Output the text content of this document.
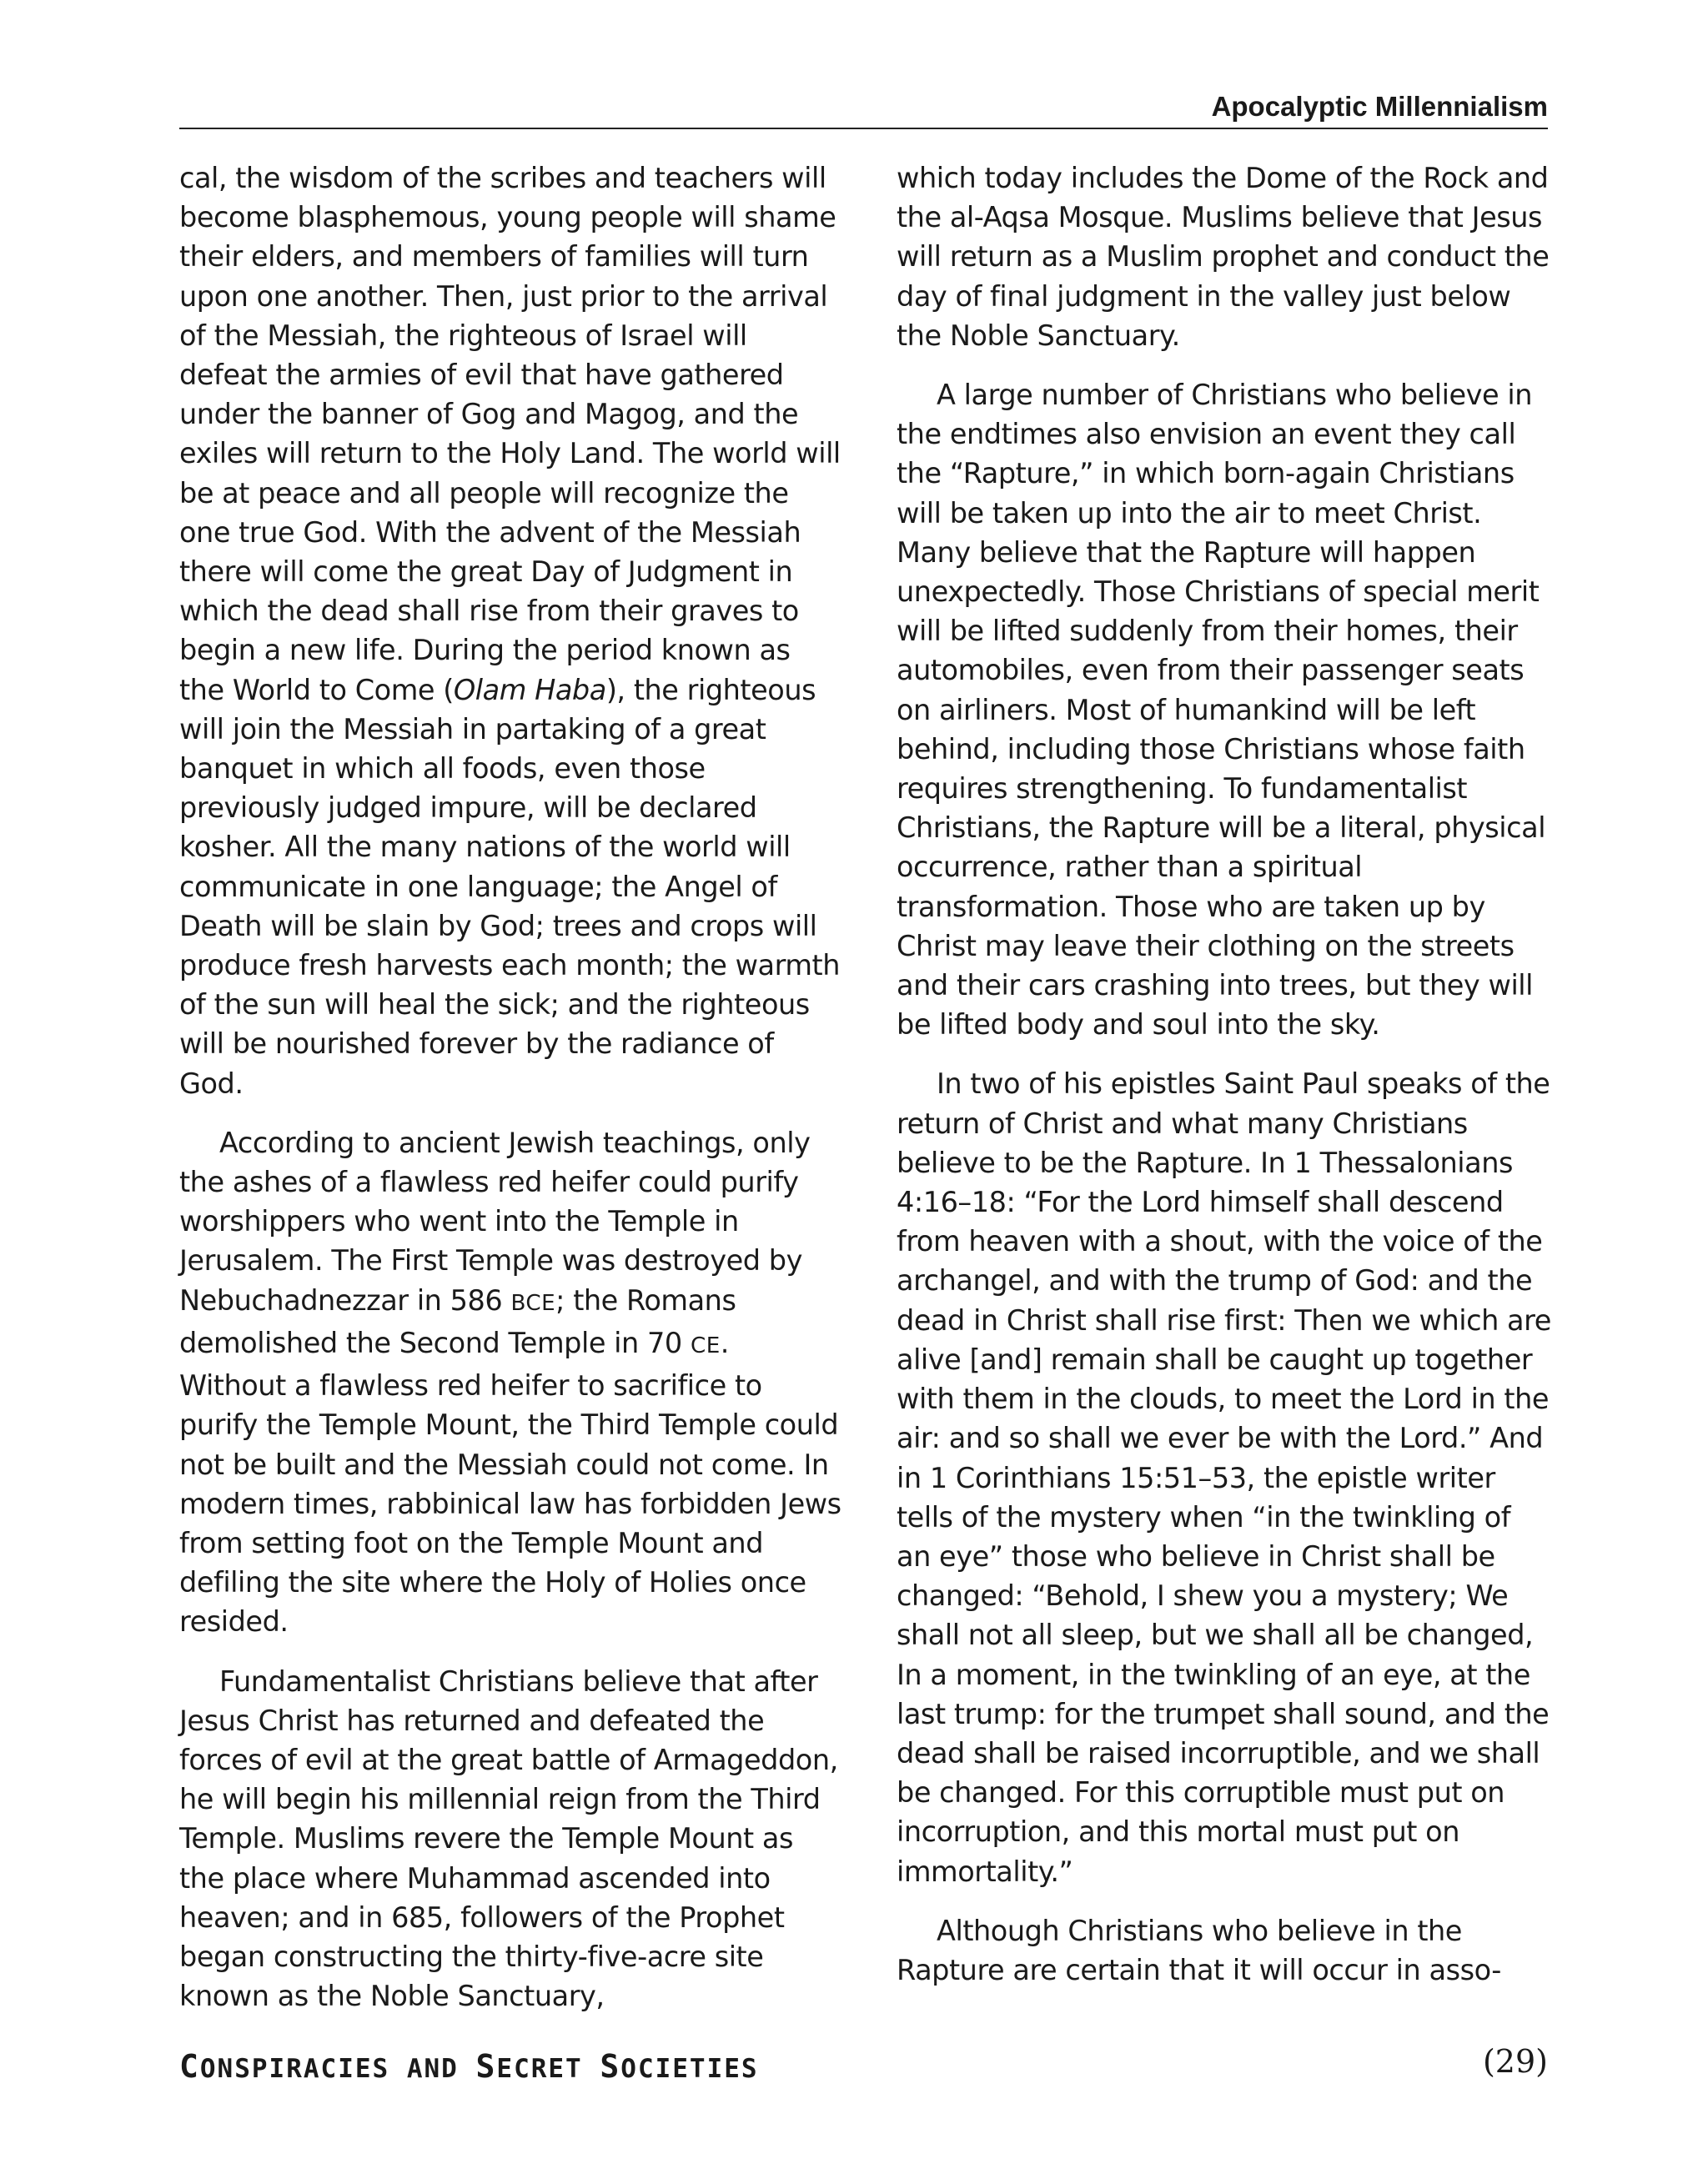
Apocalyptic Millennialism

cal, the wisdom of the scribes and teachers will become blasphemous, young people will shame their elders, and members of families will turn upon one another. Then, just prior to the arrival of the Messiah, the righteous of Israel will defeat the armies of evil that have gathered under the banner of Gog and Magog, and the exiles will return to the Holy Land. The world will be at peace and all people will recognize the one true God. With the advent of the Messiah there will come the great Day of Judgment in which the dead shall rise from their graves to begin a new life. During the period known as the World to Come (Olam Haba), the righteous will join the Messiah in partaking of a great banquet in which all foods, even those previously judged impure, will be declared kosher. All the many nations of the world will communicate in one language; the Angel of Death will be slain by God; trees and crops will produce fresh harvests each month; the warmth of the sun will heal the sick; and the righteous will be nourished forever by the radiance of God.

According to ancient Jewish teachings, only the ashes of a flawless red heifer could purify worshippers who went into the Temple in Jerusalem. The First Temple was destroyed by Nebuchadnezzar in 586 BCE; the Romans demolished the Second Temple in 70 CE. Without a flawless red heifer to sacrifice to purify the Temple Mount, the Third Temple could not be built and the Messiah could not come. In modern times, rabbinical law has forbidden Jews from setting foot on the Temple Mount and defiling the site where the Holy of Holies once resided.

Fundamentalist Christians believe that after Jesus Christ has returned and defeated the forces of evil at the great battle of Armageddon, he will begin his millennial reign from the Third Temple. Muslims revere the Temple Mount as the place where Muhammad ascended into heaven; and in 685, followers of the Prophet began constructing the thirty-five-acre site known as the Noble Sanctuary,

which today includes the Dome of the Rock and the al-Aqsa Mosque. Muslims believe that Jesus will return as a Muslim prophet and conduct the day of final judgment in the valley just below the Noble Sanctuary.

A large number of Christians who believe in the endtimes also envision an event they call the “Rapture,” in which born-again Christians will be taken up into the air to meet Christ. Many believe that the Rapture will happen unexpectedly. Those Christians of special merit will be lifted suddenly from their homes, their automobiles, even from their passenger seats on airliners. Most of humankind will be left behind, including those Christians whose faith requires strengthening. To fundamentalist Christians, the Rapture will be a literal, physical occurrence, rather than a spiritual transformation. Those who are taken up by Christ may leave their clothing on the streets and their cars crashing into trees, but they will be lifted body and soul into the sky.

In two of his epistles Saint Paul speaks of the return of Christ and what many Christians believe to be the Rapture. In 1 Thessalonians 4:16–18: “For the Lord himself shall descend from heaven with a shout, with the voice of the archangel, and with the trump of God: and the dead in Christ shall rise first: Then we which are alive [and] remain shall be caught up together with them in the clouds, to meet the Lord in the air: and so shall we ever be with the Lord.” And in 1 Corinthians 15:51–53, the epistle writer tells of the mystery when “in the twinkling of an eye” those who believe in Christ shall be changed: “Behold, I shew you a mystery; We shall not all sleep, but we shall all be changed, In a moment, in the twinkling of an eye, at the last trump: for the trumpet shall sound, and the dead shall be raised incorruptible, and we shall be changed. For this corruptible must put on incorruption, and this mortal must put on immortality.”

Although Christians who believe in the Rapture are certain that it will occur in asso-

CONSPIRACIES AND SECRET SOCIETIES	(29)
